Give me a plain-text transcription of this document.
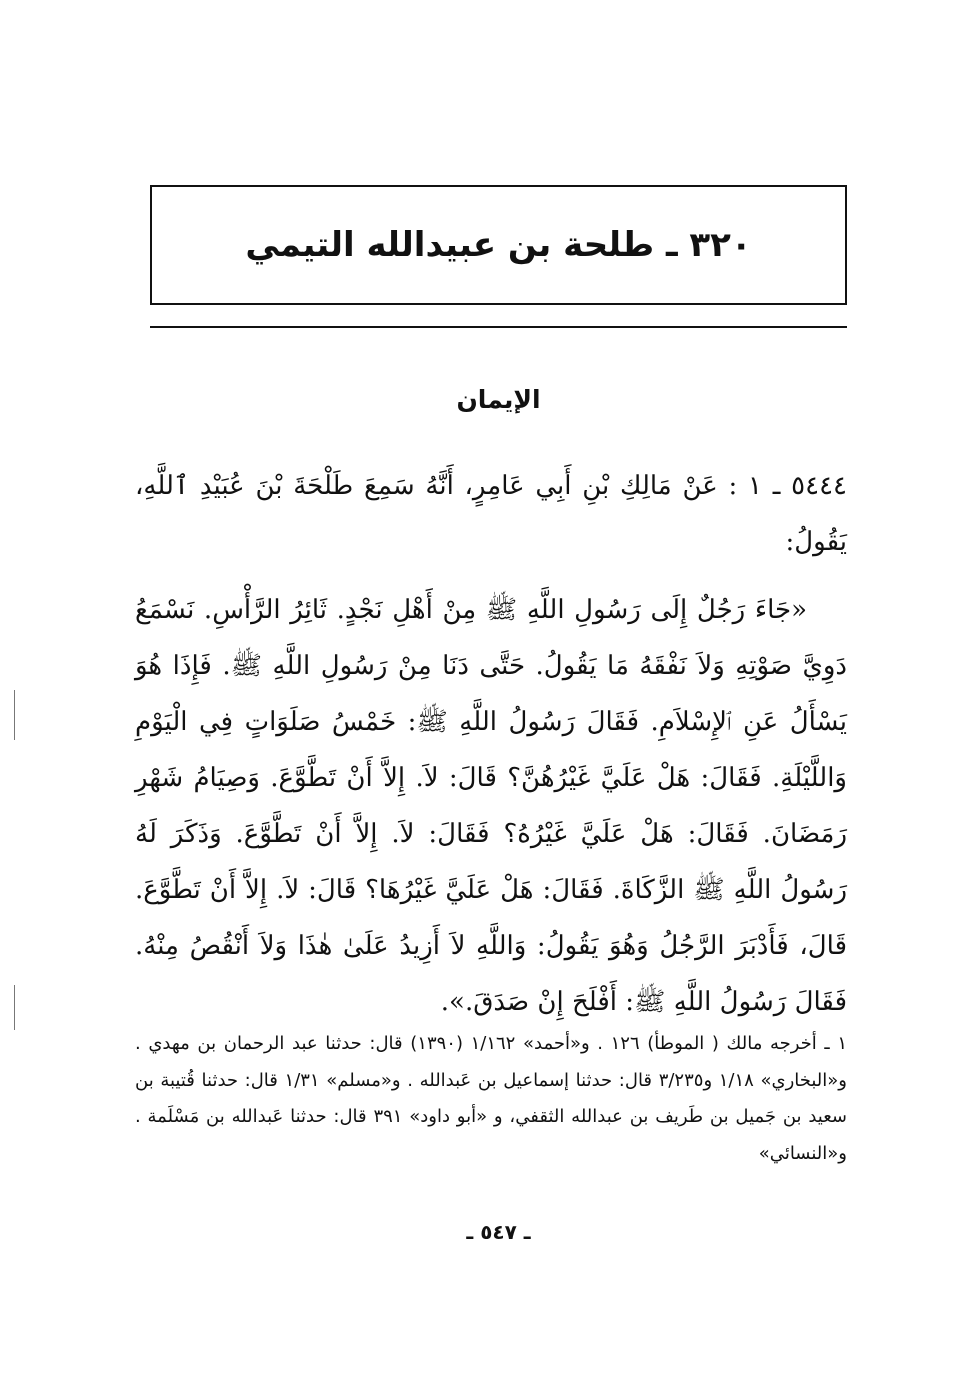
٣٢٠ ـ طلحة بن عبيدالله التيمي
الإيمان
٥٤٤٤ ـ ١ : عَنْ مَالِكِ بْنِ أَبِي عَامِرٍ، أَنَّهُ سَمِعَ طَلْحَةَ بْنَ عُبَيْدِ ٱللَّهِ، يَقُولُ:
«جَاءَ رَجُلٌ إِلَى رَسُولِ اللَّهِ ﷺ مِنْ أَهْلِ نَجْدٍ. ثَائِرُ الرَّأْسِ. نَسْمَعُ دَوِيَّ صَوْتِهِ وَلاَ نَفْقَهُ مَا يَقُولُ. حَتَّى دَنَا مِنْ رَسُولِ اللَّهِ ﷺ. فَإِذَا هُوَ يَسْأَلُ عَنِ ٱلإِسْلاَمِ. فَقَالَ رَسُولُ اللَّهِ ﷺ: خَمْسُ صَلَوَاتٍ فِي الْيَوْمِ وَاللَّيْلَةِ. فَقَالَ: هَلْ عَلَيَّ غَيْرُهُنَّ؟ قَالَ: لاَ. إِلاَّ أَنْ تَطَّوَّعَ. وَصِيَامُ شَهْرِ رَمَضَانَ. فَقَالَ: هَلْ عَلَيَّ غَيْرُهُ؟ فَقَالَ: لاَ. إِلاَّ أَنْ تَطَّوَّعَ. وَذَكَرَ لَهُ رَسُولُ اللَّهِ ﷺ الزَّكَاةَ. فَقَالَ: هَلْ عَلَيَّ غَيْرُهَا؟ قَالَ: لاَ. إِلاَّ أَنْ تَطَّوَّعَ. قَالَ، فَأَدْبَرَ الرَّجُلُ وَهُوَ يَقُولُ: وَاللَّهِ لاَ أَزِيدُ عَلَىٰ هٰذَا وَلاَ أَنْقُصُ مِنْهُ. فَقَالَ رَسُولُ اللَّهِ ﷺ: أَفْلَحَ إِنْ صَدَقَ.».
١ ـ أخرجه مالك ( الموطأ) ١٢٦ . و«أحمد» ١/١٦٢ (١٣٩٠) قال: حدثنا عبد الرحمان بن مهدي . و«البخاري» ١/١٨ و٣/٢٣٥ قال: حدثنا إسماعيل بن عَبدالله . و«مسلم» ١/٣١ قال: حدثنا قُتيبة بن سعيد بن جَميل بن طَريف بن عبدالله الثقفي، و «أبو داود» ٣٩١ قال: حدثنا عَبدالله بن مَسْلَمة . و«النسائي»
ـ ٥٤٧ ـ
